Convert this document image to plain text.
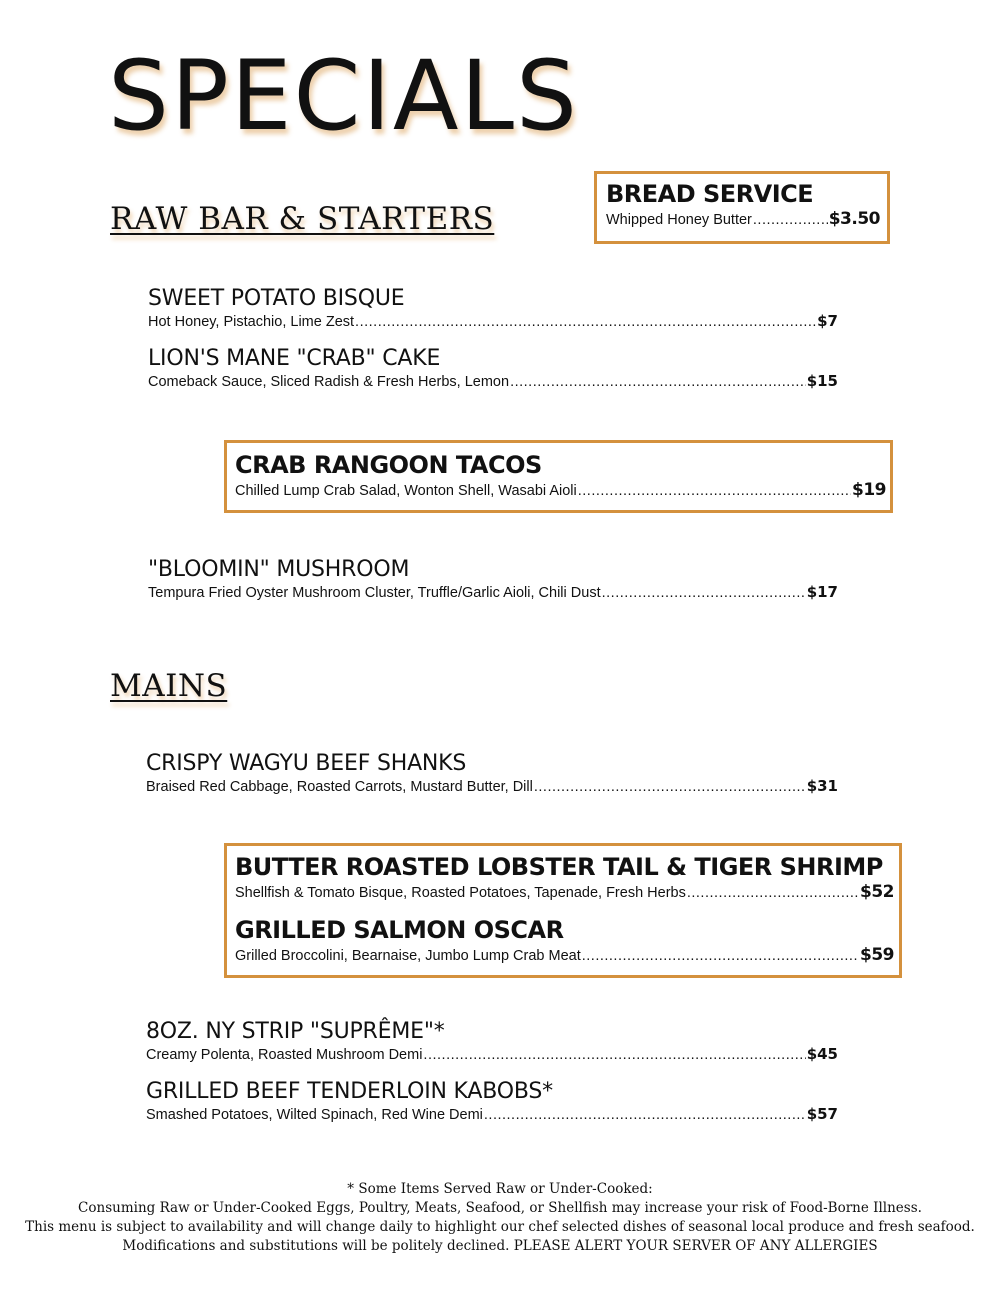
SPECIALS
RAW BAR & STARTERS
BREAD SERVICE
Whipped Honey Butter .....	$3.50
SWEET POTATO BISQUE
Hot Honey, Pistachio, Lime Zest .....	$7
LION'S MANE "CRAB" CAKE
Comeback Sauce, Sliced Radish & Fresh Herbs, Lemon .....	$15
CRAB RANGOON TACOS
Chilled Lump Crab Salad, Wonton Shell, Wasabi Aioli .....	$19
"BLOOMIN" MUSHROOM
Tempura Fried Oyster Mushroom Cluster, Truffle/Garlic Aioli, Chili Dust .....	$17
MAINS
CRISPY WAGYU BEEF SHANKS
Braised Red Cabbage, Roasted Carrots, Mustard Butter, Dill .....	$31
BUTTER ROASTED LOBSTER TAIL & TIGER SHRIMP
Shellfish & Tomato Bisque, Roasted Potatoes, Tapenade, Fresh Herbs .....	$52
GRILLED SALMON OSCAR
Grilled Broccolini, Bearnaise, Jumbo Lump Crab Meat .....	$59
8OZ. NY STRIP "SUPRÊME"*
Creamy Polenta, Roasted Mushroom Demi .....	$45
GRILLED BEEF TENDERLOIN KABOBS*
Smashed Potatoes, Wilted Spinach, Red Wine Demi .....	$57
* Some Items Served Raw or Under-Cooked:
Consuming Raw or Under-Cooked Eggs, Poultry, Meats, Seafood, or Shellfish may increase your risk of Food-Borne Illness.
This menu is subject to availability and will change daily to highlight our chef selected dishes of seasonal local produce and fresh seafood.
Modifications and substitutions will be politely declined. PLEASE ALERT YOUR SERVER OF ANY ALLERGIES
